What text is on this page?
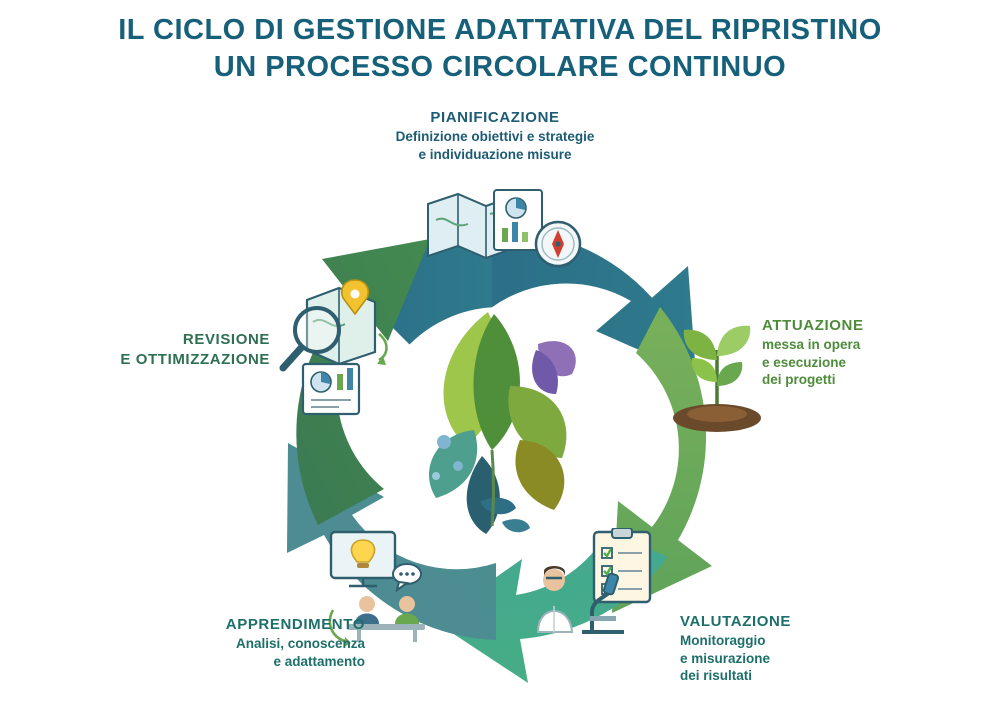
IL CICLO DI GESTIONE ADATTATIVA DEL RIPRISTINO
UN PROCESSO CIRCOLARE CONTINUO
PIANIFICAZIONE
Definizione obiettivi e strategie
e individuazione misure
ATTUAZIONE
messa in opera
e esecuzione
dei progetti
VALUTAZIONE
Monitoraggio
e misurazione
dei risultati
APPRENDIMENTO
Analisi, conoscenza
e adattamento
REVISIONE
E OTTIMIZZAZIONE
